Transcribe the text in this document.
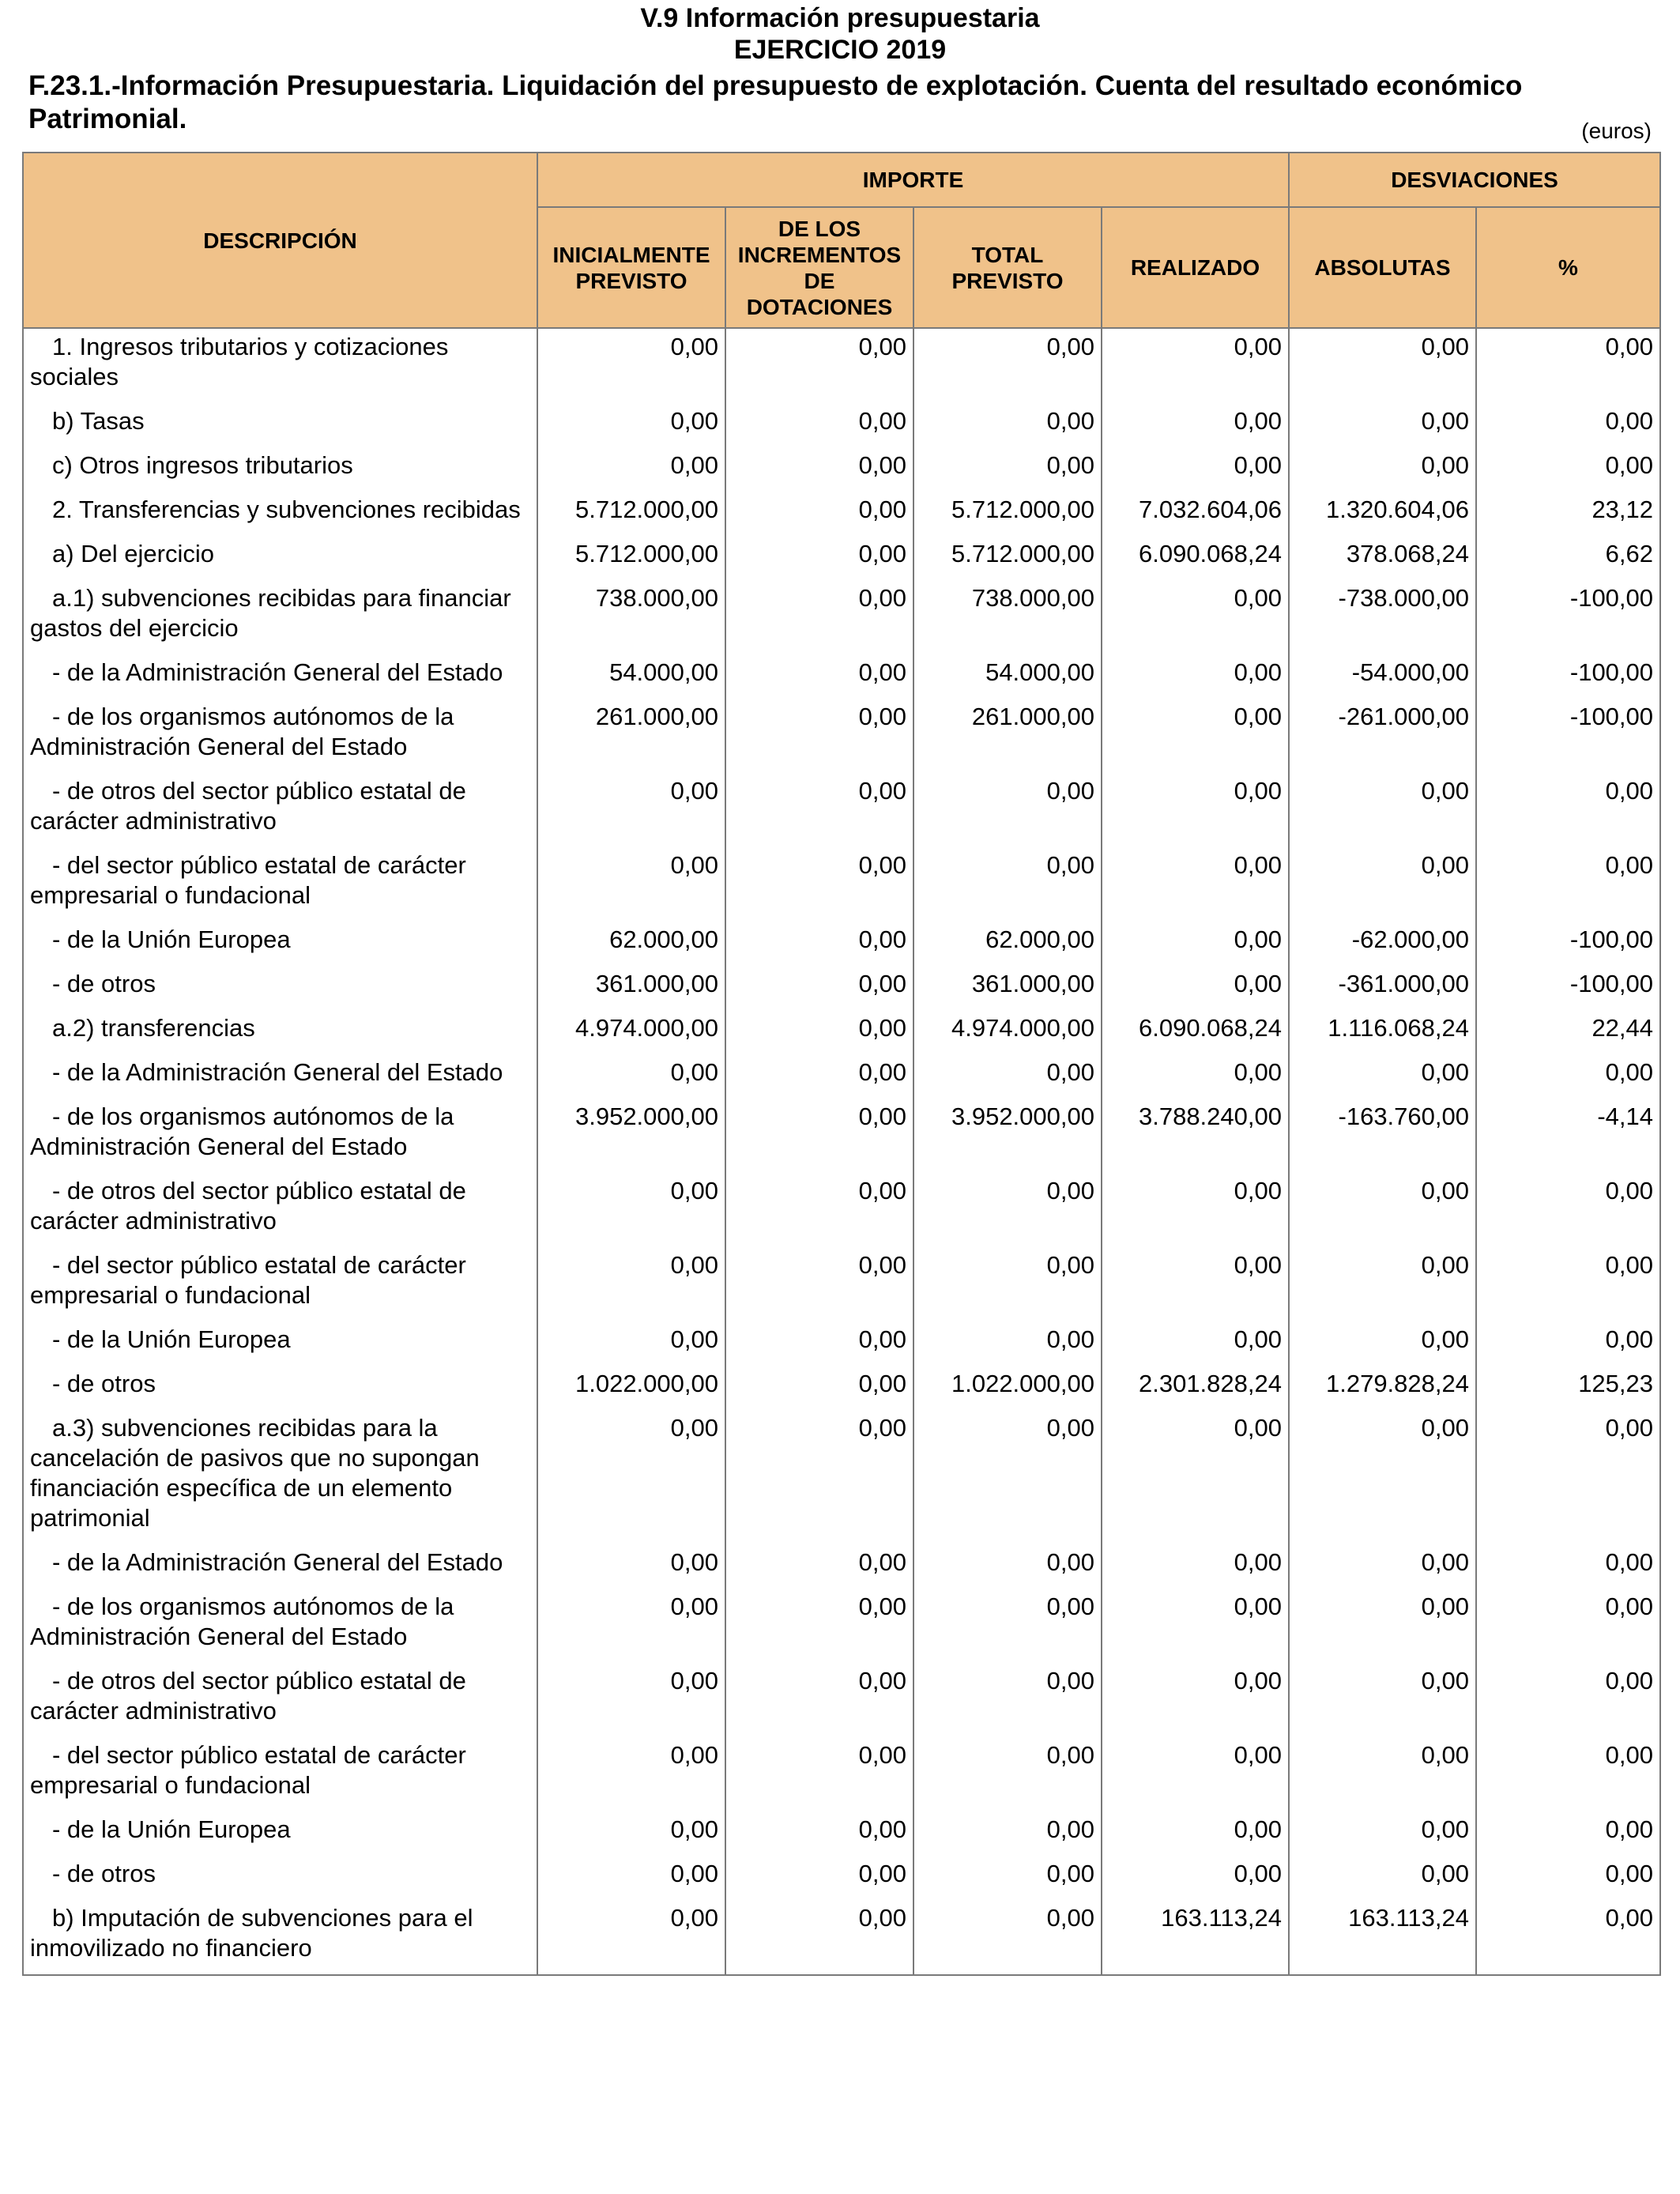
V.9 Información presupuestaria
EJERCICIO 2019
F.23.1.-Información Presupuestaria. Liquidación del presupuesto de explotación. Cuenta del resultado económico Patrimonial.	(euros)
DESCRIPCIÓN	IMPORTE				DESVIACIONES	
	INICIALMENTE PREVISTO	DE LOS INCREMENTOS DE DOTACIONES	TOTAL PREVISTO	REALIZADO	ABSOLUTAS	%
1. Ingresos tributarios y cotizaciones sociales	0,00	0,00	0,00	0,00	0,00	0,00
b) Tasas	0,00	0,00	0,00	0,00	0,00	0,00
c) Otros ingresos tributarios	0,00	0,00	0,00	0,00	0,00	0,00
2. Transferencias y subvenciones recibidas	5.712.000,00	0,00	5.712.000,00	7.032.604,06	1.320.604,06	23,12
a) Del ejercicio	5.712.000,00	0,00	5.712.000,00	6.090.068,24	378.068,24	6,62
a.1) subvenciones recibidas para financiar gastos del ejercicio	738.000,00	0,00	738.000,00	0,00	-738.000,00	-100,00
- de la Administración General del Estado	54.000,00	0,00	54.000,00	0,00	-54.000,00	-100,00
- de los organismos autónomos de la Administración General del Estado	261.000,00	0,00	261.000,00	0,00	-261.000,00	-100,00
- de otros del sector público estatal de carácter administrativo	0,00	0,00	0,00	0,00	0,00	0,00
- del sector público estatal de carácter empresarial o fundacional	0,00	0,00	0,00	0,00	0,00	0,00
- de la Unión Europea	62.000,00	0,00	62.000,00	0,00	-62.000,00	-100,00
- de otros	361.000,00	0,00	361.000,00	0,00	-361.000,00	-100,00
a.2) transferencias	4.974.000,00	0,00	4.974.000,00	6.090.068,24	1.116.068,24	22,44
- de la Administración General del Estado	0,00	0,00	0,00	0,00	0,00	0,00
- de los organismos autónomos de la Administración General del Estado	3.952.000,00	0,00	3.952.000,00	3.788.240,00	-163.760,00	-4,14
- de otros del sector público estatal de carácter administrativo	0,00	0,00	0,00	0,00	0,00	0,00
- del sector público estatal de carácter empresarial o fundacional	0,00	0,00	0,00	0,00	0,00	0,00
- de la Unión Europea	0,00	0,00	0,00	0,00	0,00	0,00
- de otros	1.022.000,00	0,00	1.022.000,00	2.301.828,24	1.279.828,24	125,23
a.3) subvenciones recibidas para la cancelación de pasivos que no supongan financiación específica de un elemento patrimonial	0,00	0,00	0,00	0,00	0,00	0,00
- de la Administración General del Estado	0,00	0,00	0,00	0,00	0,00	0,00
- de los organismos autónomos de la Administración General del Estado	0,00	0,00	0,00	0,00	0,00	0,00
- de otros del sector público estatal de carácter administrativo	0,00	0,00	0,00	0,00	0,00	0,00
- del sector público estatal de carácter empresarial o fundacional	0,00	0,00	0,00	0,00	0,00	0,00
- de la Unión Europea	0,00	0,00	0,00	0,00	0,00	0,00
- de otros	0,00	0,00	0,00	0,00	0,00	0,00
b) Imputación de subvenciones para el inmovilizado no financiero	0,00	0,00	0,00	163.113,24	163.113,24	0,00
